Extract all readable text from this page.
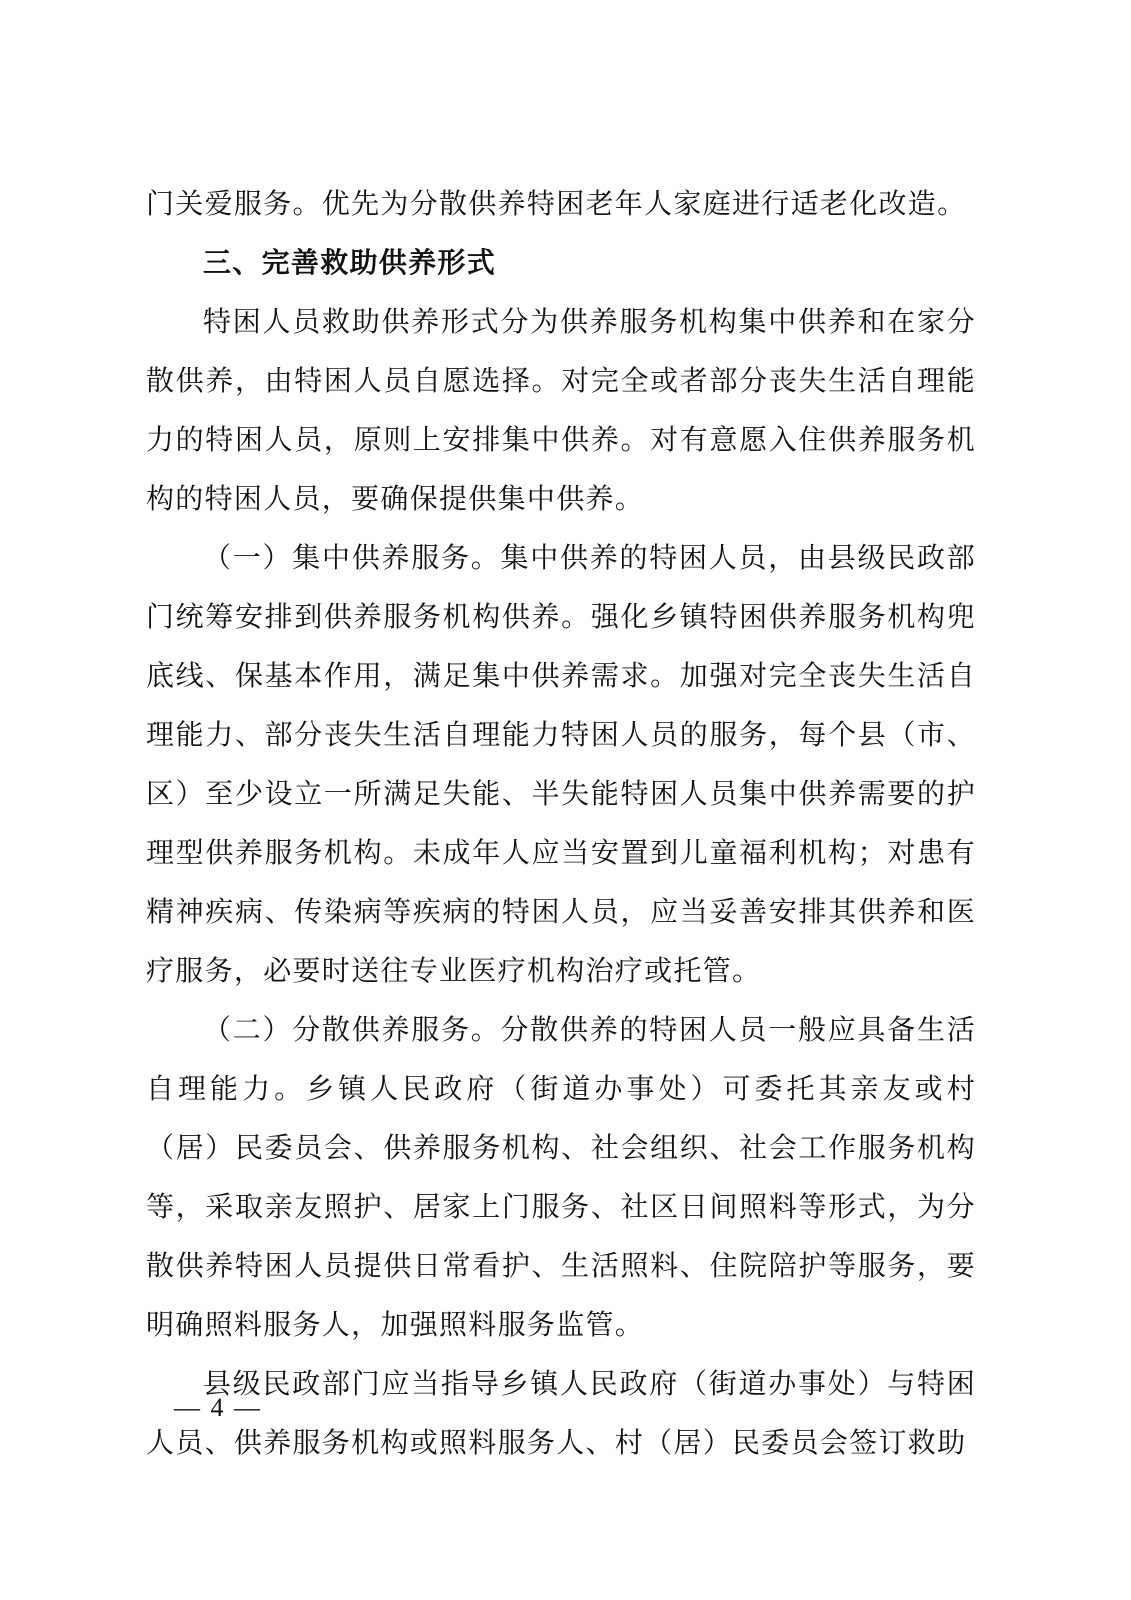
门关爱服务。优先为分散供养特困老年人家庭进行适老化改造。

三、完善救助供养形式

特困人员救助供养形式分为供养服务机构集中供养和在家分散供养，由特困人员自愿选择。对完全或者部分丧失生活自理能力的特困人员，原则上安排集中供养。对有意愿入住供养服务机构的特困人员，要确保提供集中供养。

（一）集中供养服务。集中供养的特困人员，由县级民政部门统筹安排到供养服务机构供养。强化乡镇特困供养服务机构兜底线、保基本作用，满足集中供养需求。加强对完全丧失生活自理能力、部分丧失生活自理能力特困人员的服务，每个县（市、区）至少设立一所满足失能、半失能特困人员集中供养需要的护理型供养服务机构。未成年人应当安置到儿童福利机构；对患有精神疾病、传染病等疾病的特困人员，应当妥善安排其供养和医疗服务，必要时送往专业医疗机构治疗或托管。

（二）分散供养服务。分散供养的特困人员一般应具备生活自理能力。乡镇人民政府（街道办事处）可委托其亲友或村（居）民委员会、供养服务机构、社会组织、社会工作服务机构等，采取亲友照护、居家上门服务、社区日间照料等形式，为分散供养特困人员提供日常看护、生活照料、住院陪护等服务，要明确照料服务人，加强照料服务监管。

县级民政部门应当指导乡镇人民政府（街道办事处）与特困人员、供养服务机构或照料服务人、村（居）民委员会签订救助

— 4 —
